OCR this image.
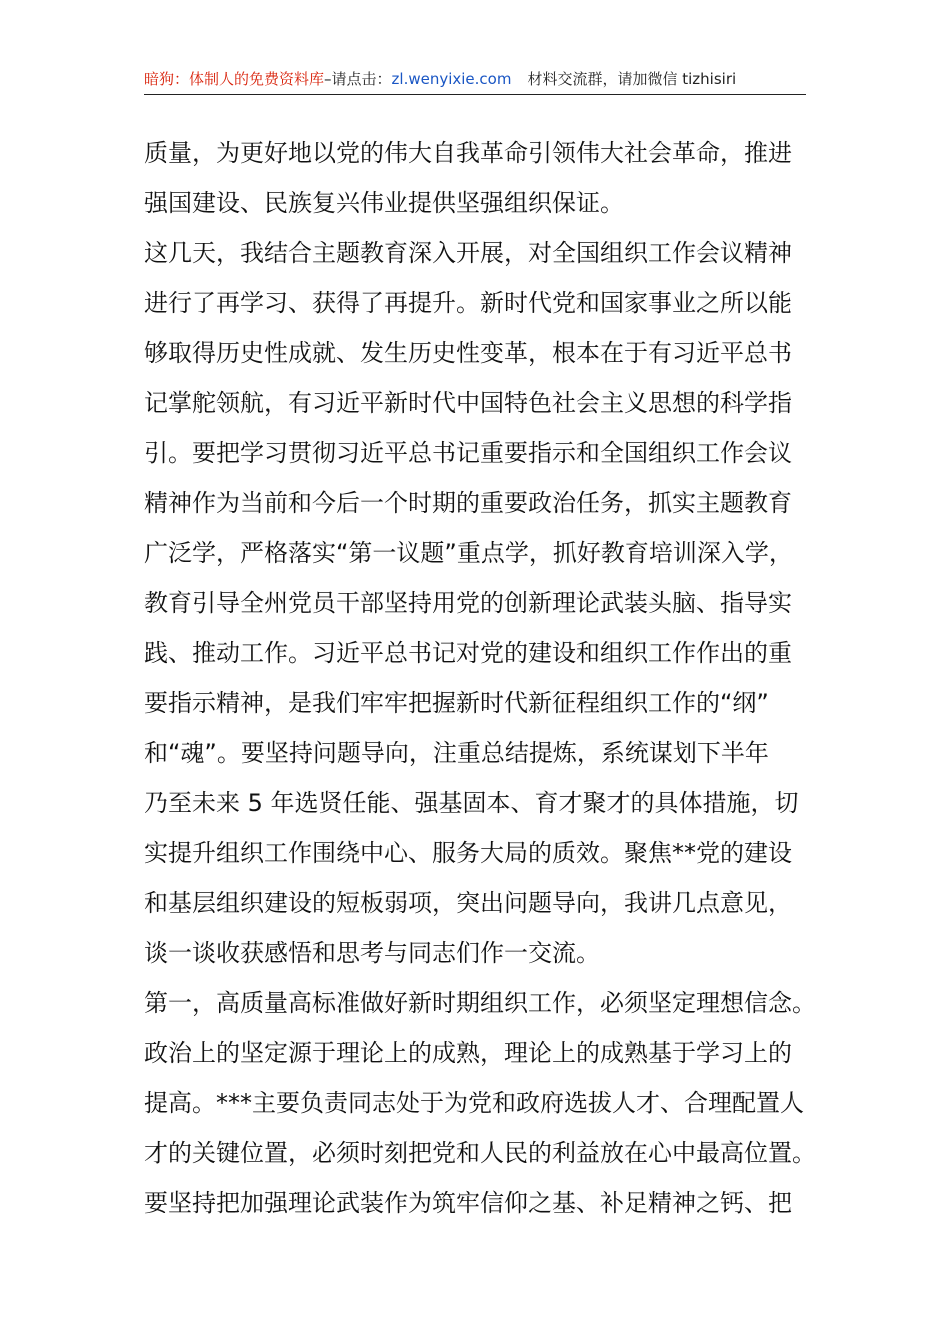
暗狗：体制人的免费资料库–请点击：zl.wenyixie.com 材料交流群，请加微信 tizhisiri

质量，为更好地以党的伟大自我革命引领伟大社会革命，推进

强国建设、民族复兴伟业提供坚强组织保证。

这几天，我结合主题教育深入开展，对全国组织工作会议精神

进行了再学习、获得了再提升。新时代党和国家事业之所以能

够取得历史性成就、发生历史性变革，根本在于有习近平总书

记掌舵领航，有习近平新时代中国特色社会主义思想的科学指

引。要把学习贯彻习近平总书记重要指示和全国组织工作会议

精神作为当前和今后一个时期的重要政治任务，抓实主题教育

广泛学，严格落实“第一议题”重点学，抓好教育培训深入学，

教育引导全州党员干部坚持用党的创新理论武装头脑、指导实

践、推动工作。习近平总书记对党的建设和组织工作作出的重

要指示精神，是我们牢牢把握新时代新征程组织工作的“纲”

和“魂”。要坚持问题导向，注重总结提炼，系统谋划下半年

乃至未来 5 年选贤任能、强基固本、育才聚才的具体措施，切

实提升组织工作围绕中心、服务大局的质效。聚焦**党的建设

和基层组织建设的短板弱项，突出问题导向，我讲几点意见，

谈一谈收获感悟和思考与同志们作一交流。

第一，高质量高标准做好新时期组织工作，必须坚定理想信念。

政治上的坚定源于理论上的成熟，理论上的成熟基于学习上的

提高。***主要负责同志处于为党和政府选拔人才、合理配置人

才的关键位置，必须时刻把党和人民的利益放在心中最高位置。

要坚持把加强理论武装作为筑牢信仰之基、补足精神之钙、把
